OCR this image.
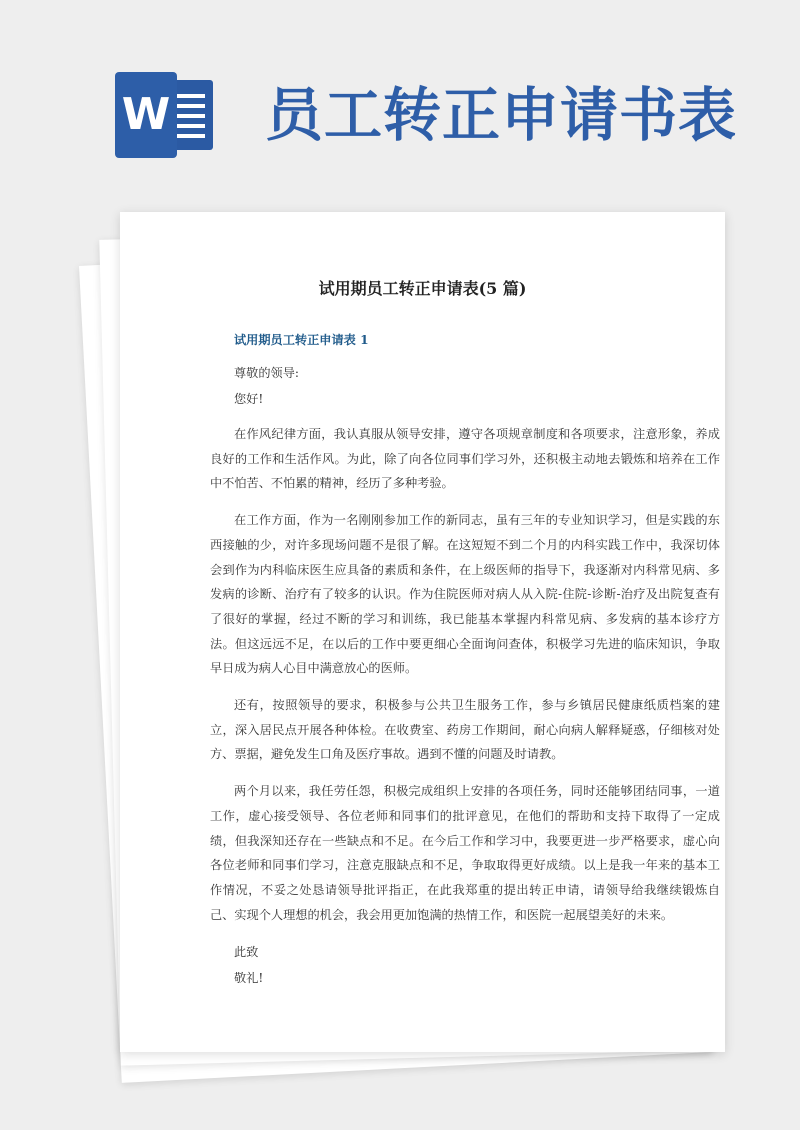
W 员工转正申请书表
试用期员工转正申请表(5 篇)
试用期员工转正申请表 1

尊敬的领导:

您好!

在作风纪律方面，我认真服从领导安排，遵守各项规章制度和各项要求，注意形象，养成良好的工作和生活作风。为此，除了向各位同事们学习外，还积极主动地去锻炼和培养在工作中不怕苦、不怕累的精神，经历了多种考验。

在工作方面，作为一名刚刚参加工作的新同志，虽有三年的专业知识学习，但是实践的东西接触的少，对许多现场问题不是很了解。在这短短不到二个月的内科实践工作中，我深切体会到作为内科临床医生应具备的素质和条件，在上级医师的指导下，我逐渐对内科常见病、多发病的诊断、治疗有了较多的认识。作为住院医师对病人从入院-住院-诊断-治疗及出院复查有了很好的掌握，经过不断的学习和训练，我已能基本掌握内科常见病、多发病的基本诊疗方法。但这远远不足，在以后的工作中要更细心全面询问查体，积极学习先进的临床知识，争取早日成为病人心目中满意放心的医师。

还有，按照领导的要求，积极参与公共卫生服务工作，参与乡镇居民健康纸质档案的建立，深入居民点开展各种体检。在收费室、药房工作期间，耐心向病人解释疑惑，仔细核对处方、票据，避免发生口角及医疗事故。遇到不懂的问题及时请教。

两个月以来，我任劳任怨，积极完成组织上安排的各项任务，同时还能够团结同事，一道工作，虚心接受领导、各位老师和同事们的批评意见，在他们的帮助和支持下取得了一定成绩，但我深知还存在一些缺点和不足。在今后工作和学习中，我要更进一步严格要求，虚心向各位老师和同事们学习，注意克服缺点和不足，争取取得更好成绩。以上是我一年来的基本工作情况，不妥之处恳请领导批评指正，在此我郑重的提出转正申请，请领导给我继续锻炼自己、实现个人理想的机会，我会用更加饱满的热情工作，和医院一起展望美好的未来。

此致

敬礼!
